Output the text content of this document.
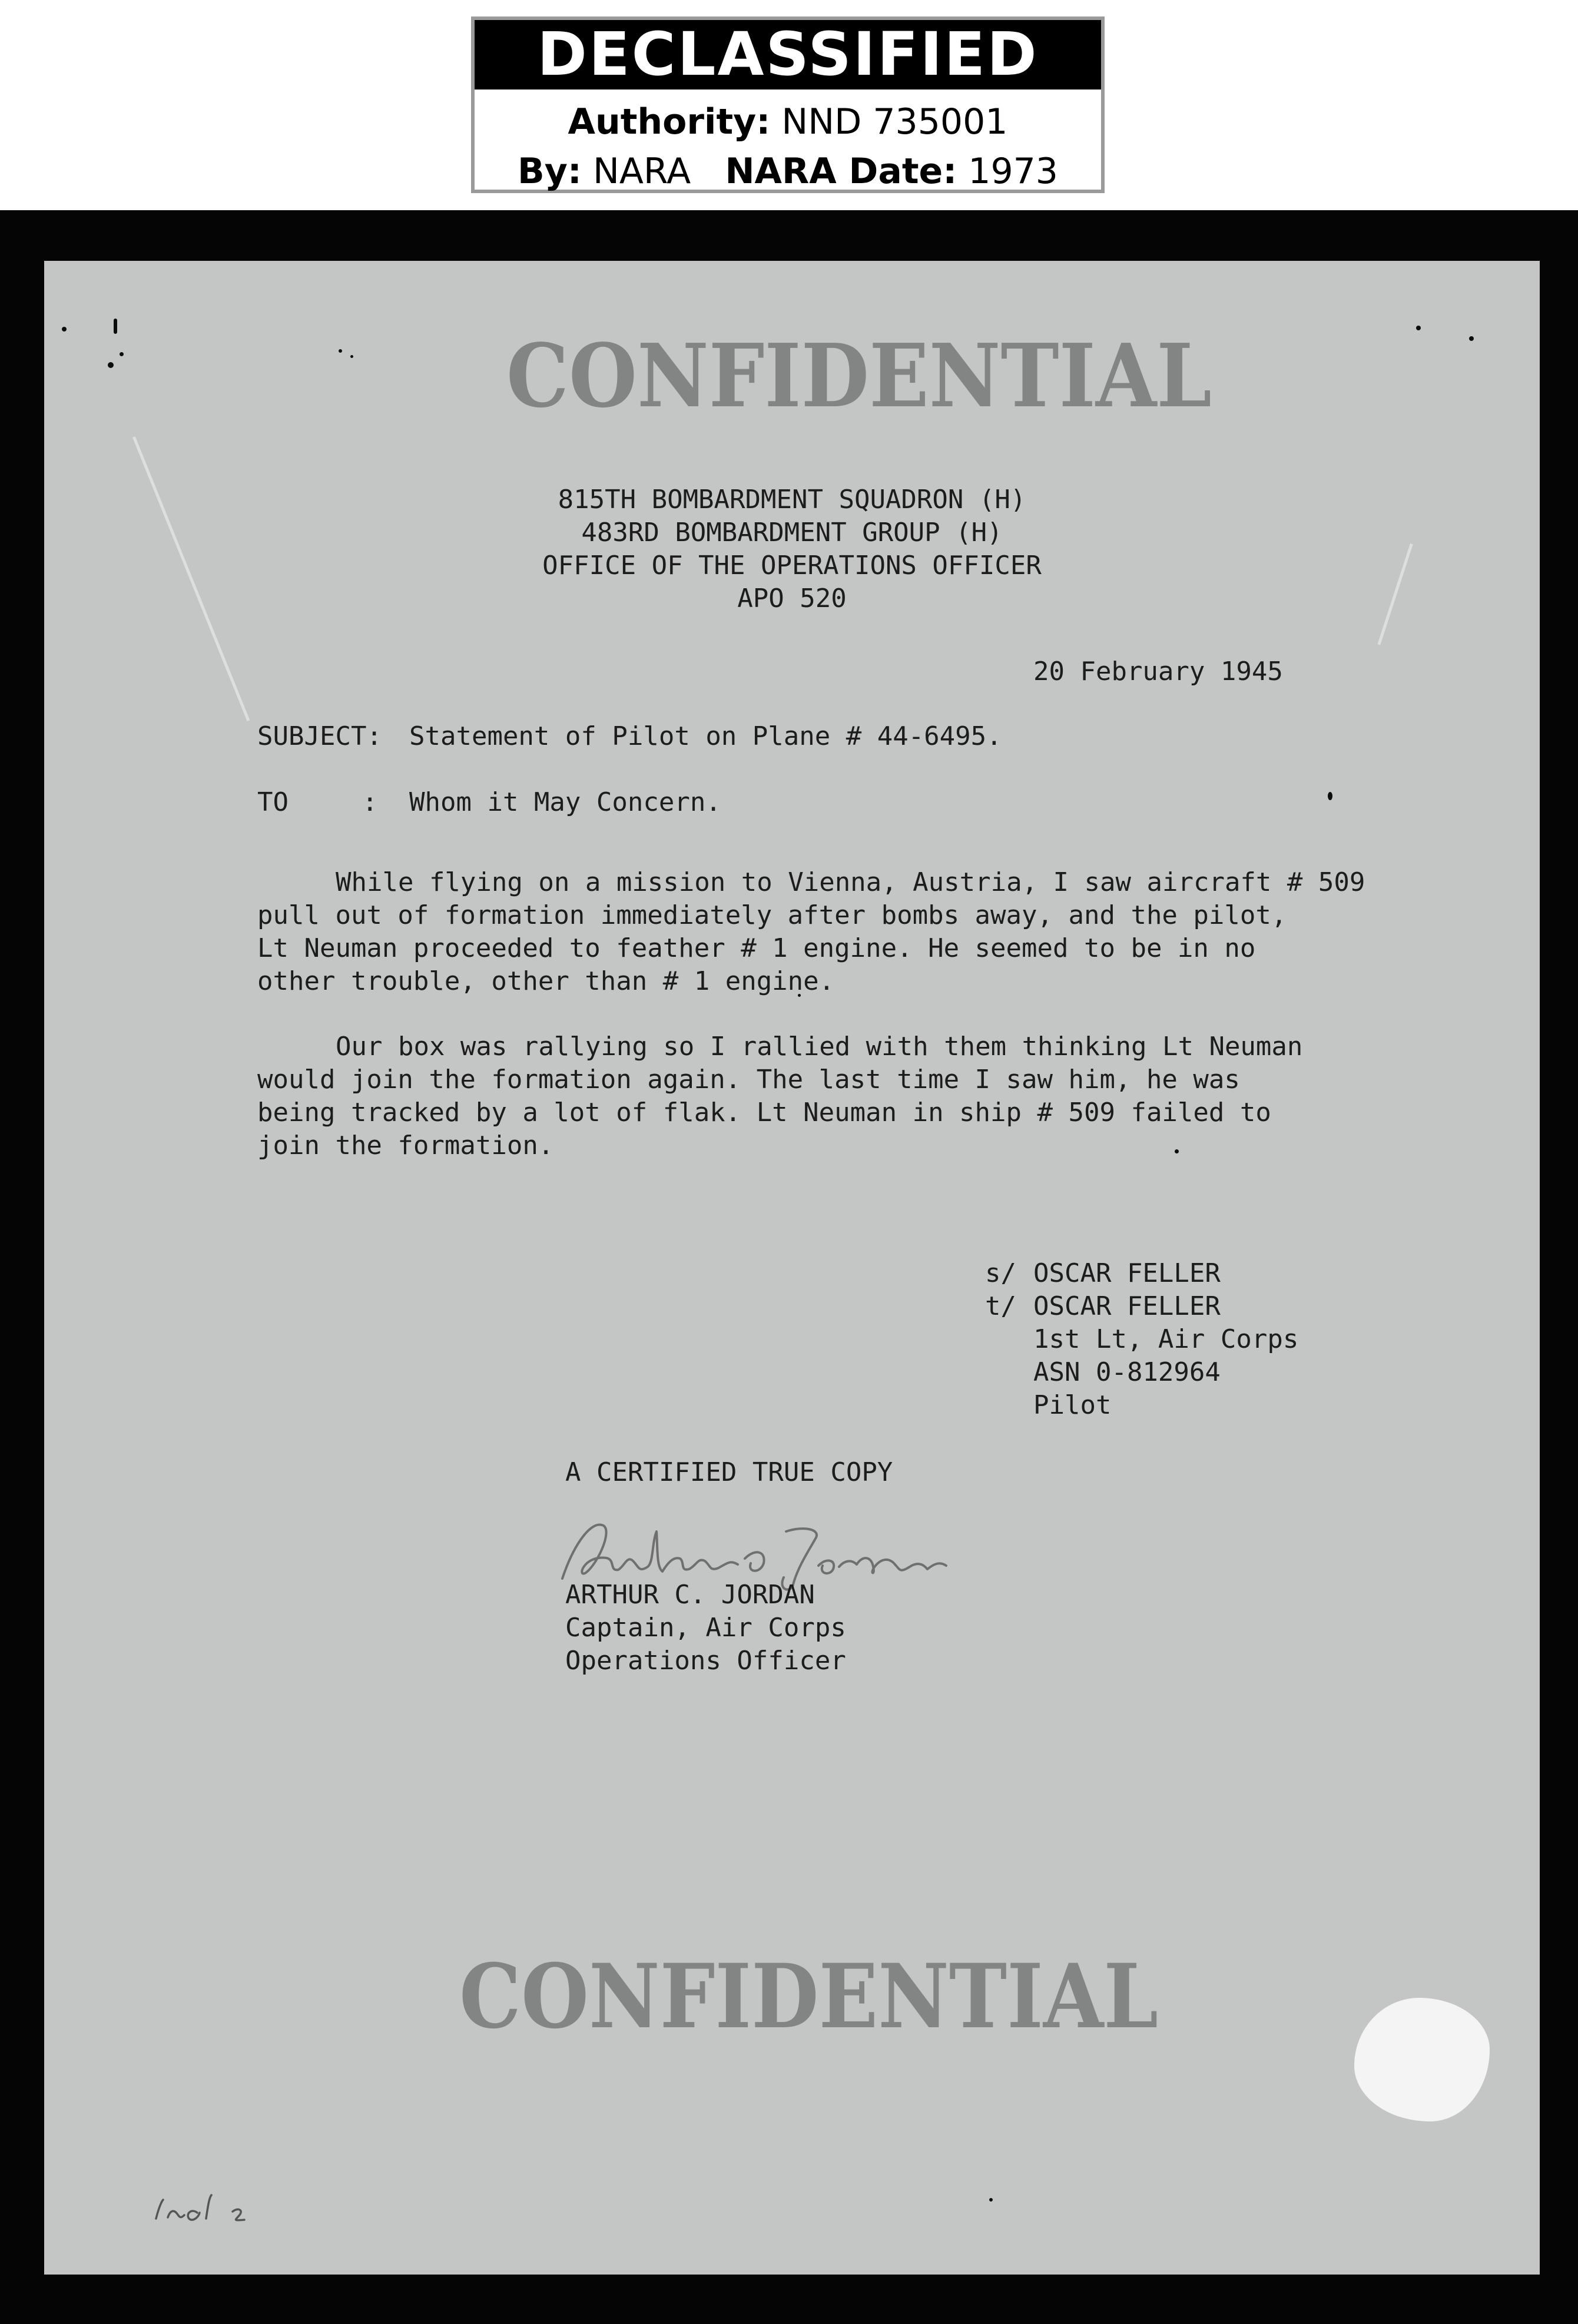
DECLASSIFIED
Authority: NND 735001
By: NARA NARA Date: 1973
CONFIDENTIAL
815TH BOMBARDMENT SQUADRON (H)
483RD BOMBARDMENT GROUP (H)
OFFICE OF THE OPERATIONS OFFICER
APO 520
20 February 1945
SUBJECT: Statement of Pilot on Plane # 44-6495.
TO	: Whom it May Concern.
While flying on a mission to Vienna, Austria, I saw aircraft # 509
pull out of formation immediately after bombs away, and the pilot,
Lt Neuman proceeded to feather # 1 engine. He seemed to be in no
other trouble, other than # 1 engine.
Our box was rallying so I rallied with them thinking Lt Neuman
would join the formation again. The last time I saw him, he was
being tracked by a lot of flak. Lt Neuman in ship # 509 failed to
join the formation.
s/ OSCAR FELLER
t/ OSCAR FELLER
1st Lt, Air Corps
ASN 0-812964
Pilot
A CERTIFIED TRUE COPY
ARTHUR C. JORDAN
Captain, Air Corps
Operations Officer
CONFIDENTIAL
